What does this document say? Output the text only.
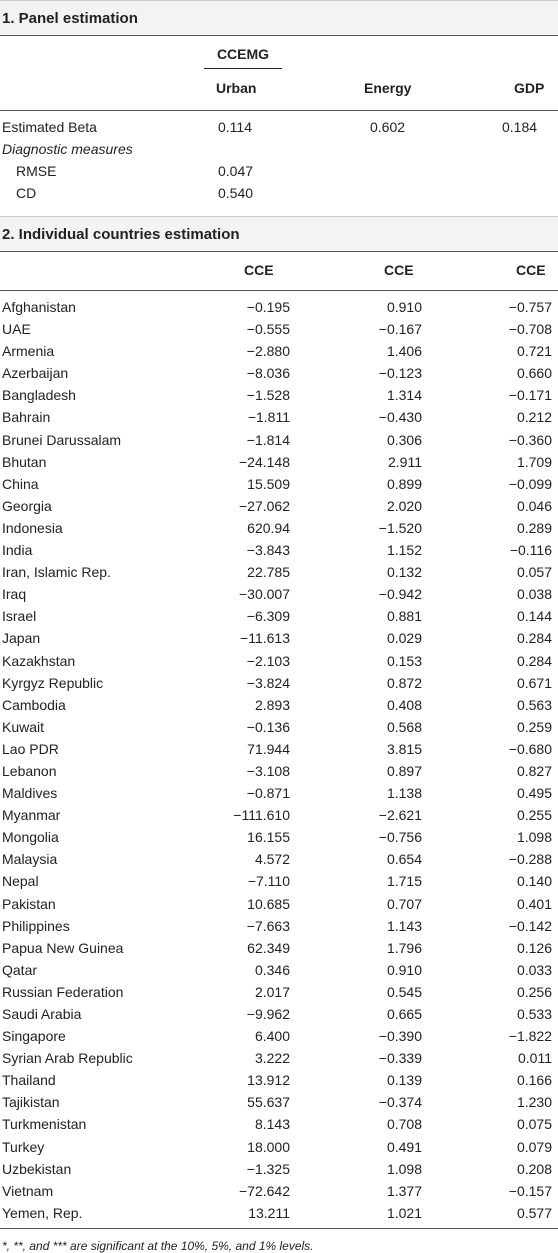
1. Panel estimation
CCEMG
Urban	Energy	GDP
Estimated Beta	0.114	0.602	0.184
Diagnostic measures
RMSE	0.047
CD	0.540
2. Individual countries estimation
CCE	CCE	CCE
Afghanistan	−0.195	0.910	−0.757
UAE	−0.555	−0.167	−0.708
Armenia	−2.880	1.406	0.721
Azerbaijan	−8.036	−0.123	0.660
Bangladesh	−1.528	1.314	−0.171
Bahrain	−1.811	−0.430	0.212
Brunei Darussalam	−1.814	0.306	−0.360
Bhutan	−24.148	2.911	1.709
China	15.509	0.899	−0.099
Georgia	−27.062	2.020	0.046
Indonesia	620.94	−1.520	0.289
India	−3.843	1.152	−0.116
Iran, Islamic Rep.	22.785	0.132	0.057
Iraq	−30.007	−0.942	0.038
Israel	−6.309	0.881	0.144
Japan	−11.613	0.029	0.284
Kazakhstan	−2.103	0.153	0.284
Kyrgyz Republic	−3.824	0.872	0.671
Cambodia	2.893	0.408	0.563
Kuwait	−0.136	0.568	0.259
Lao PDR	71.944	3.815	−0.680
Lebanon	−3.108	0.897	0.827
Maldives	−0.871	1.138	0.495
Myanmar	−111.610	−2.621	0.255
Mongolia	16.155	−0.756	1.098
Malaysia	4.572	0.654	−0.288
Nepal	−7.110	1.715	0.140
Pakistan	10.685	0.707	0.401
Philippines	−7.663	1.143	−0.142
Papua New Guinea	62.349	1.796	0.126
Qatar	0.346	0.910	0.033
Russian Federation	2.017	0.545	0.256
Saudi Arabia	−9.962	0.665	0.533
Singapore	6.400	−0.390	−1.822
Syrian Arab Republic	3.222	−0.339	0.011
Thailand	13.912	0.139	0.166
Tajikistan	55.637	−0.374	1.230
Turkmenistan	8.143	0.708	0.075
Turkey	18.000	0.491	0.079
Uzbekistan	−1.325	1.098	0.208
Vietnam	−72.642	1.377	−0.157
Yemen, Rep.	13.211	1.021	0.577
*, **, and *** are significant at the 10%, 5%, and 1% levels.
